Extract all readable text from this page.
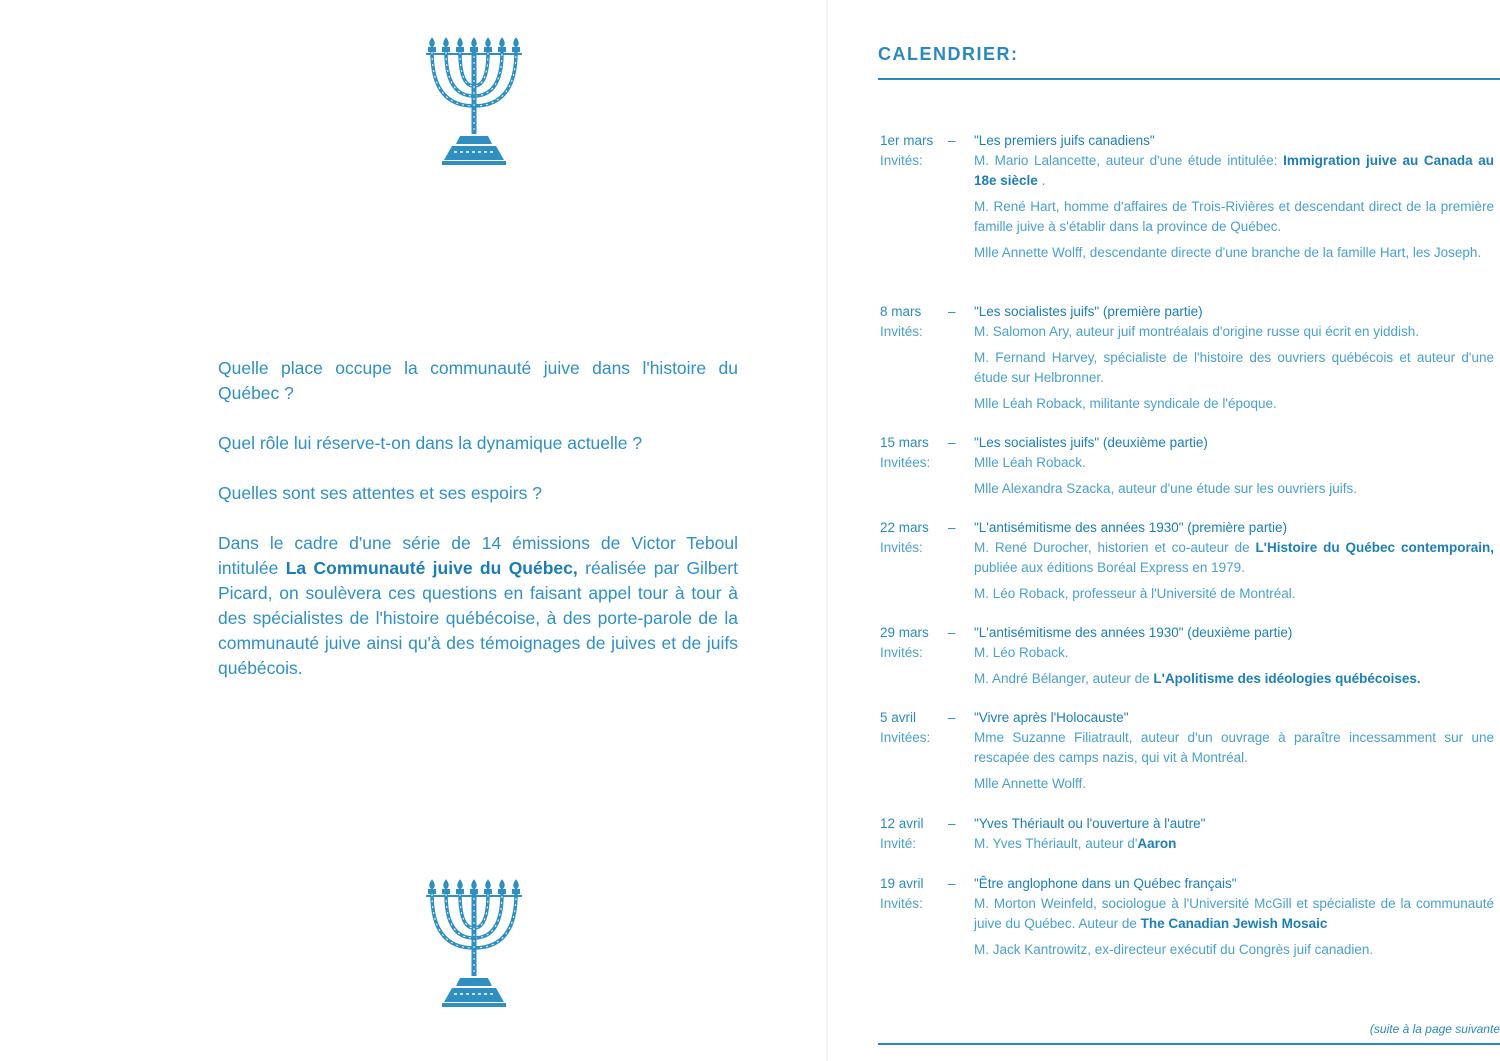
Quelle place occupe la communauté juive dans l'histoire du Québec ?

Quel rôle lui réserve-t-on dans la dynamique actuelle ?

Quelles sont ses attentes et ses espoirs ?

Dans le cadre d'une série de 14 émissions de Victor Teboul intitulée La Communauté juive du Québec, réalisée par Gilbert Picard, on soulèvera ces questions en faisant appel tour à tour à des spécialistes de l'histoire québécoise, à des porte-parole de la communauté juive ainsi qu'à des témoignages de juives et de juifs québécois.

CALENDRIER:
1er mars	–	"Les premiers juifs canadiens"
Invités:	M. Mario Lalancette, auteur d'une étude intitulée: Immigration juive au Canada au 18e siècle .
M. René Hart, homme d'affaires de Trois-Rivières et descendant direct de la première famille juive à s'établir dans la province de Québec.
Mlle Annette Wolff, descendante directe d'une branche de la famille Hart, les Joseph.
8 mars	–	"Les socialistes juifs" (première partie)
Invités:	M. Salomon Ary, auteur juif montréalais d'origine russe qui écrit en yiddish.
M. Fernand Harvey, spécialiste de l'histoire des ouvriers québécois et auteur d'une étude sur Helbronner.
Mlle Léah Roback, militante syndicale de l'époque.
15 mars	–	"Les socialistes juifs" (deuxième partie)
Invitées:	Mlle Léah Roback.
Mlle Alexandra Szacka, auteur d'une étude sur les ouvriers juifs.
22 mars	–	"L'antisémitisme des années 1930" (première partie)
Invités:	M. René Durocher, historien et co-auteur de L'Histoire du Québec contemporain, publiée aux éditions Boréal Express en 1979.
M. Léo Roback, professeur à l'Université de Montréal.
29 mars	–	"L'antisémitisme des années 1930" (deuxième partie)
Invités:	M. Léo Roback.
M. André Bélanger, auteur de L'Apolitisme des idéologies québécoises.
5 avril	–	"Vivre après l'Holocauste"
Invitées:	Mme Suzanne Filiatrault, auteur d'un ouvrage à paraître incessamment sur une rescapée des camps nazis, qui vit à Montréal.
Mlle Annette Wolff.
12 avril	–	"Yves Thériault ou l'ouverture à l'autre"
Invité:	M. Yves Thériault, auteur d'Aaron
19 avril	–	"Être anglophone dans un Québec français"
Invités:	M. Morton Weinfeld, sociologue à l'Université McGill et spécialiste de la communauté juive du Québec. Auteur de The Canadian Jewish Mosaic
M. Jack Kantrowitz, ex-directeur exécutif du Congrès juif canadien.
(suite à la page suivante
